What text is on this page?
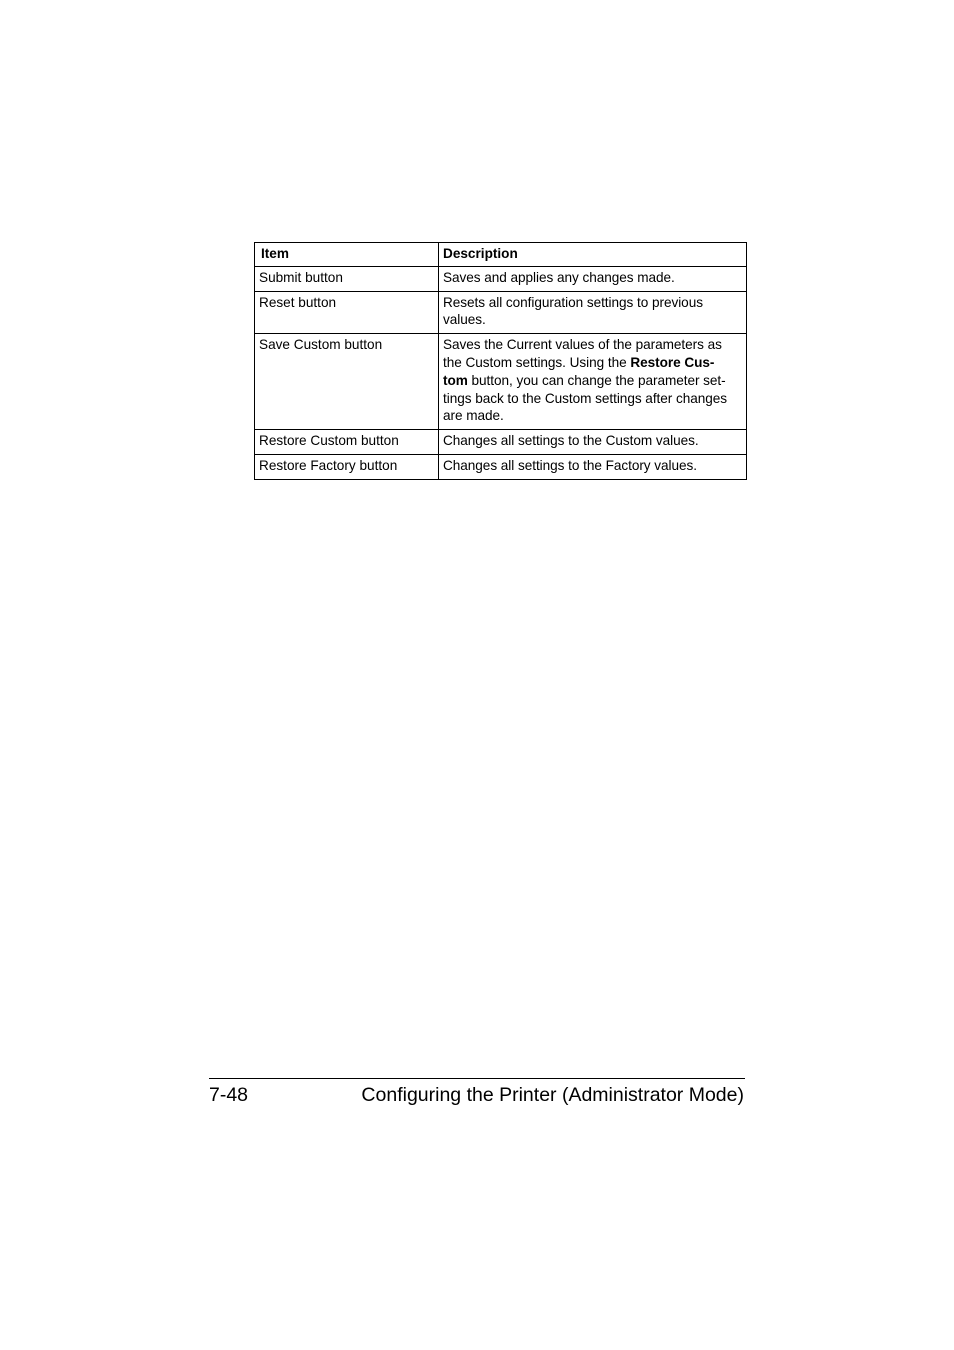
Item	Description
Submit button	Saves and applies any changes made.
Reset button	Resets all configuration settings to previous
values.
Save Custom button	Saves the Current values of the parameters as
the Custom settings. Using the Restore Cus-
tom button, you can change the parameter set-
tings back to the Custom settings after changes
are made.
Restore Custom button	Changes all settings to the Custom values.
Restore Factory button	Changes all settings to the Factory values.
7-48	Configuring the Printer (Administrator Mode)
